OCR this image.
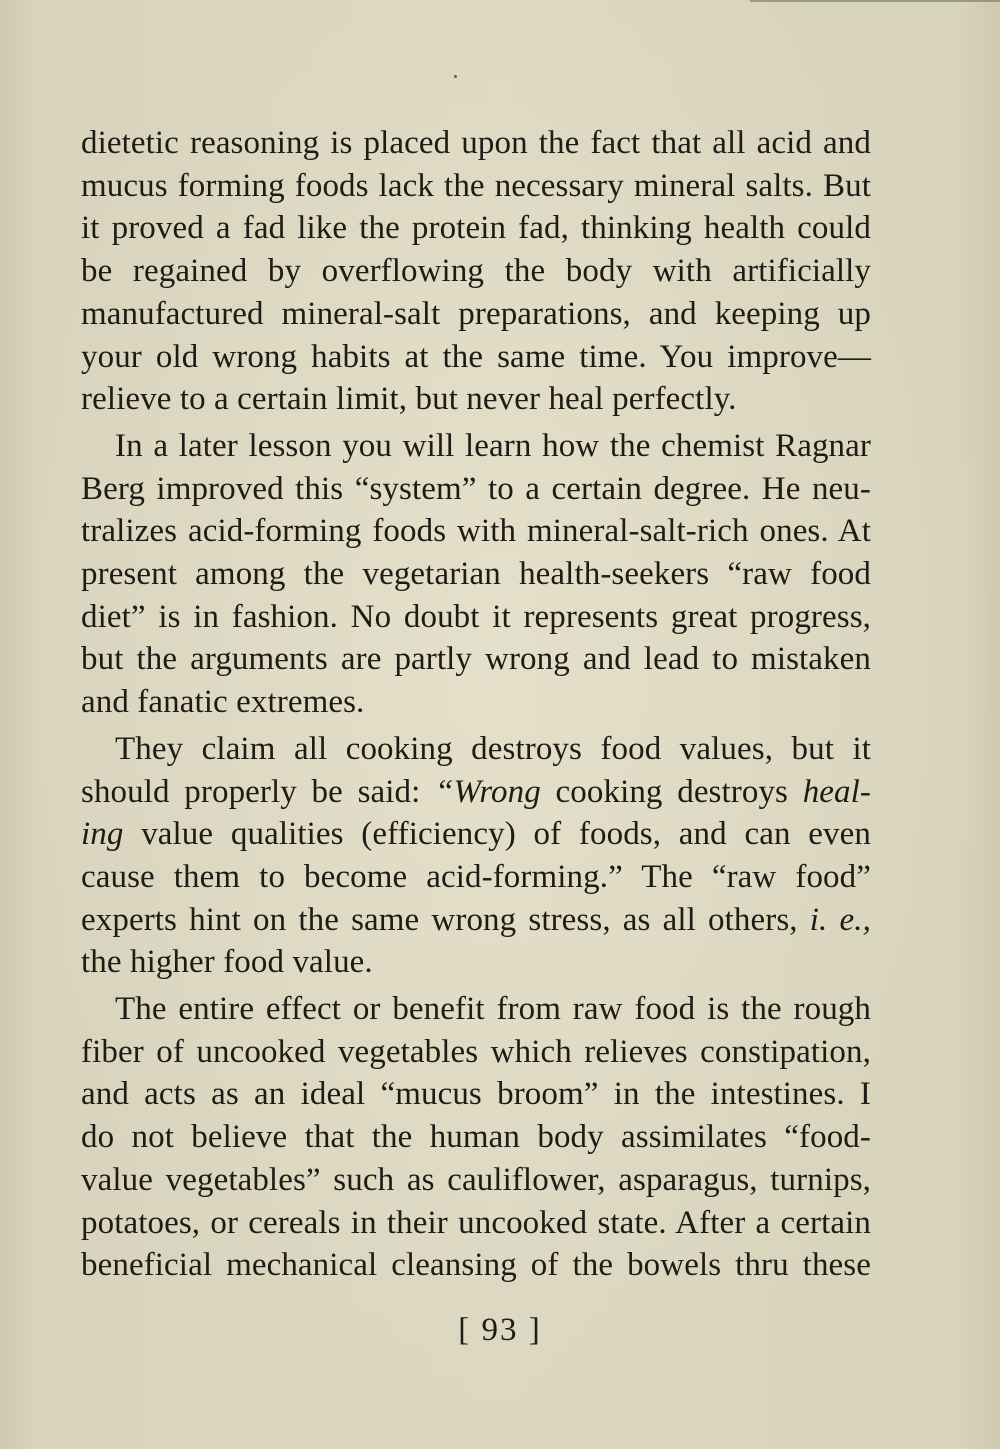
dietetic reasoning is placed upon the fact that all acid and
mucus forming foods lack the necessary mineral salts. But
it proved a fad like the protein fad, thinking health could
be regained by overflowing the body with artificially
manufactured mineral-salt preparations, and keeping up
your old wrong habits at the same time. You improve—
relieve to a certain limit, but never heal perfectly.
In a later lesson you will learn how the chemist Ragnar
Berg improved this “system” to a certain degree. He neu-
tralizes acid-forming foods with mineral-salt-rich ones. At
present among the vegetarian health-seekers “raw food
diet” is in fashion. No doubt it represents great progress,
but the arguments are partly wrong and lead to mistaken
and fanatic extremes.
They claim all cooking destroys food values, but it
should properly be said: “Wrong cooking destroys heal-
ing value qualities (efficiency) of foods, and can even
cause them to become acid-forming.” The “raw food”
experts hint on the same wrong stress, as all others, i. e.,
the higher food value.
The entire effect or benefit from raw food is the rough
fiber of uncooked vegetables which relieves constipation,
and acts as an ideal “mucus broom” in the intestines. I
do not believe that the human body assimilates “food-
value vegetables” such as cauliflower, asparagus, turnips,
potatoes, or cereals in their uncooked state. After a certain
beneficial mechanical cleansing of the bowels thru these
[ 93 ]
